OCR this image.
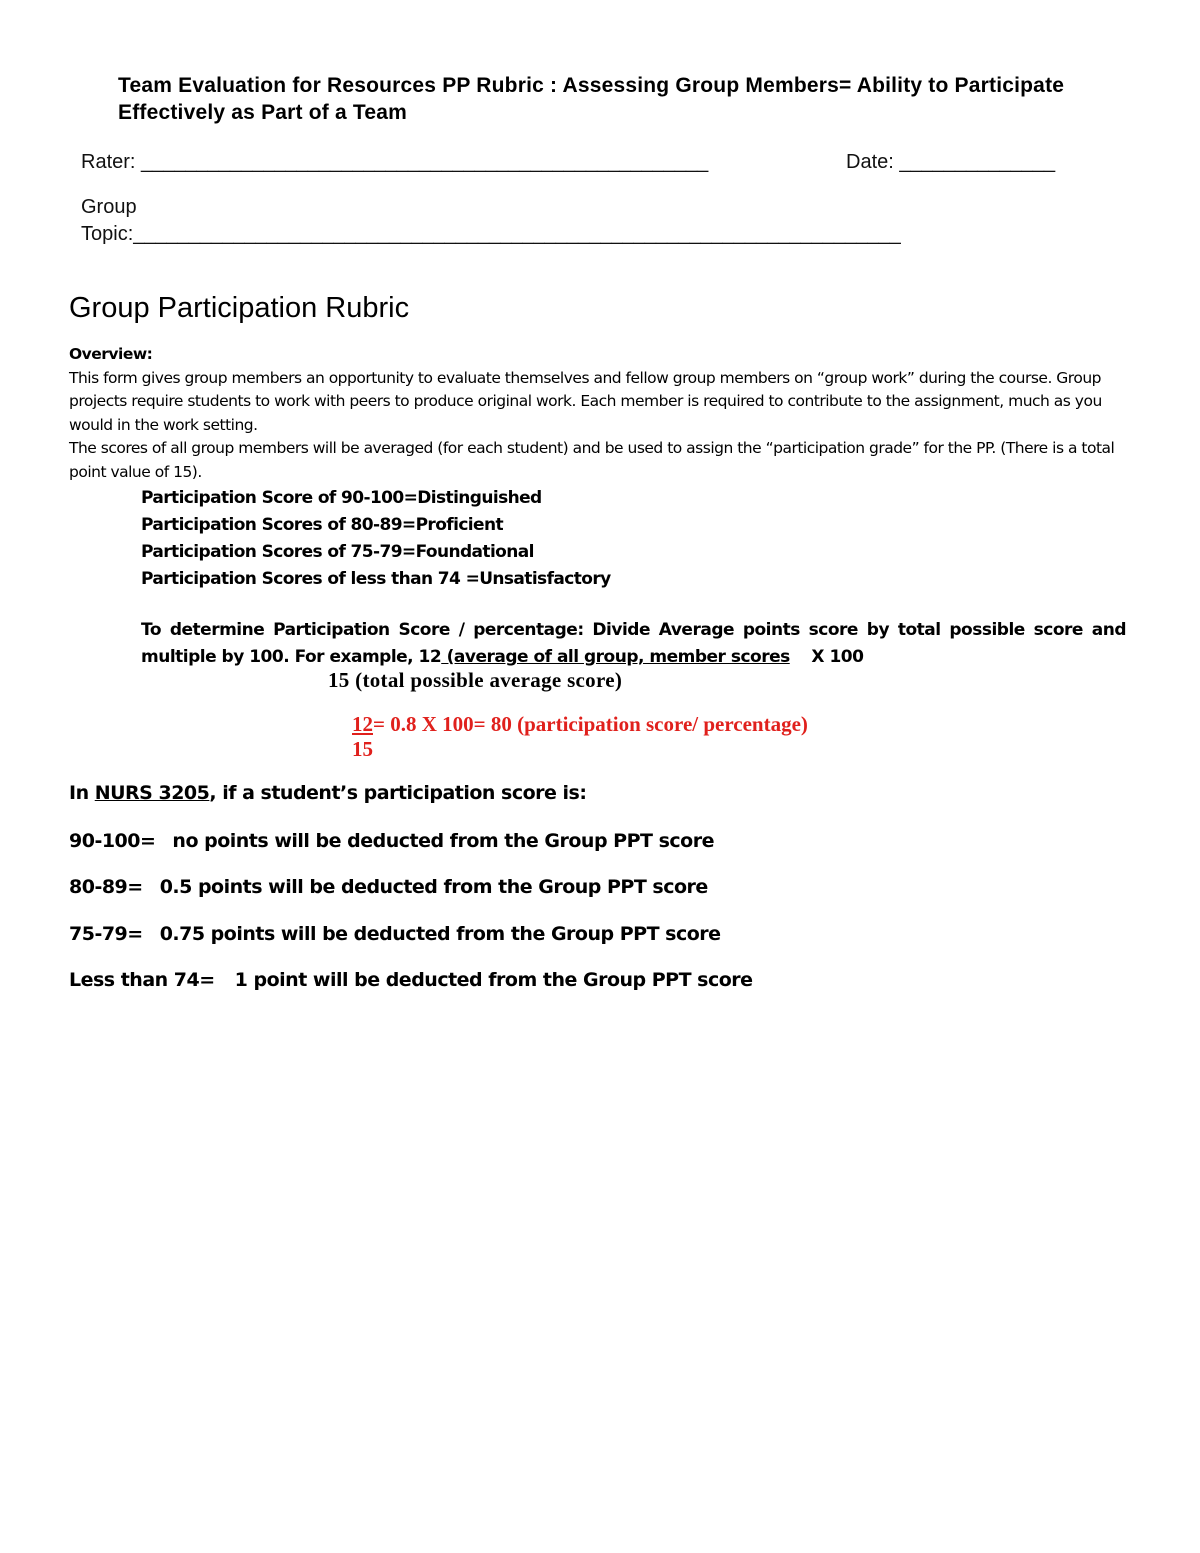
Team Evaluation for Resources PP Rubric : Assessing Group Members= Ability to Participate Effectively as Part of a Team
Rater: ___________________________________________________	Date: ______________
Group
Topic:_____________________________________________________________________
Group Participation Rubric
Overview:
This form gives group members an opportunity to evaluate themselves and fellow group members on “group work” during the course. Group projects require students to work with peers to produce original work. Each member is required to contribute to the assignment, much as you would in the work setting.
The scores of all group members will be averaged (for each student) and be used to assign the “participation grade” for the PP. (There is a total point value of 15).
Participation Score of 90-100=Distinguished
Participation Scores of 80-89=Proficient
Participation Scores of 75-79=Foundational
Participation Scores of less than 74 =Unsatisfactory
To determine Participation Score / percentage: Divide Average points score by total possible score and multiple by 100. For example, 12 (average of all group, member scores    X 100
15 (total possible average score)
12= 0.8 X 100= 80 (participation score/ percentage)
15
In NURS 3205, if a student’s participation score is:
90-100= no points will be deducted from the Group PPT score
80-89= 0.5 points will be deducted from the Group PPT score
75-79= 0.75 points will be deducted from the Group PPT score
Less than 74= 1 point will be deducted from the Group PPT score
